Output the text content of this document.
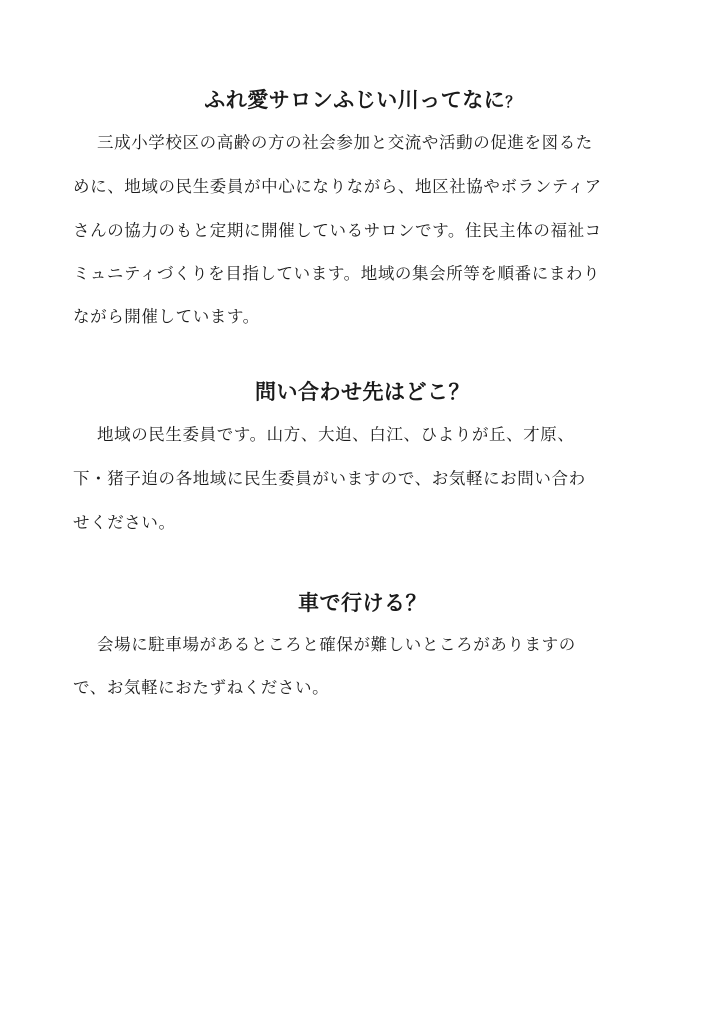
ふれ愛サロンふじい川ってなに？
三成小学校区の高齢の方の社会参加と交流や活動の促進を図るた
めに、地域の民生委員が中心になりながら、地区社協やボランティア
さんの協力のもと定期に開催しているサロンです。住民主体の福祉コ
ミュニティづくりを目指しています。地域の集会所等を順番にまわり
ながら開催しています。
問い合わせ先はどこ？
地域の民生委員です。山方、大迫、白江、ひよりが丘、才原、
下・猪子迫の各地域に民生委員がいますので、お気軽にお問い合わ
せください。
車で行ける？
会場に駐車場があるところと確保が難しいところがありますの
で、お気軽におたずねください。
